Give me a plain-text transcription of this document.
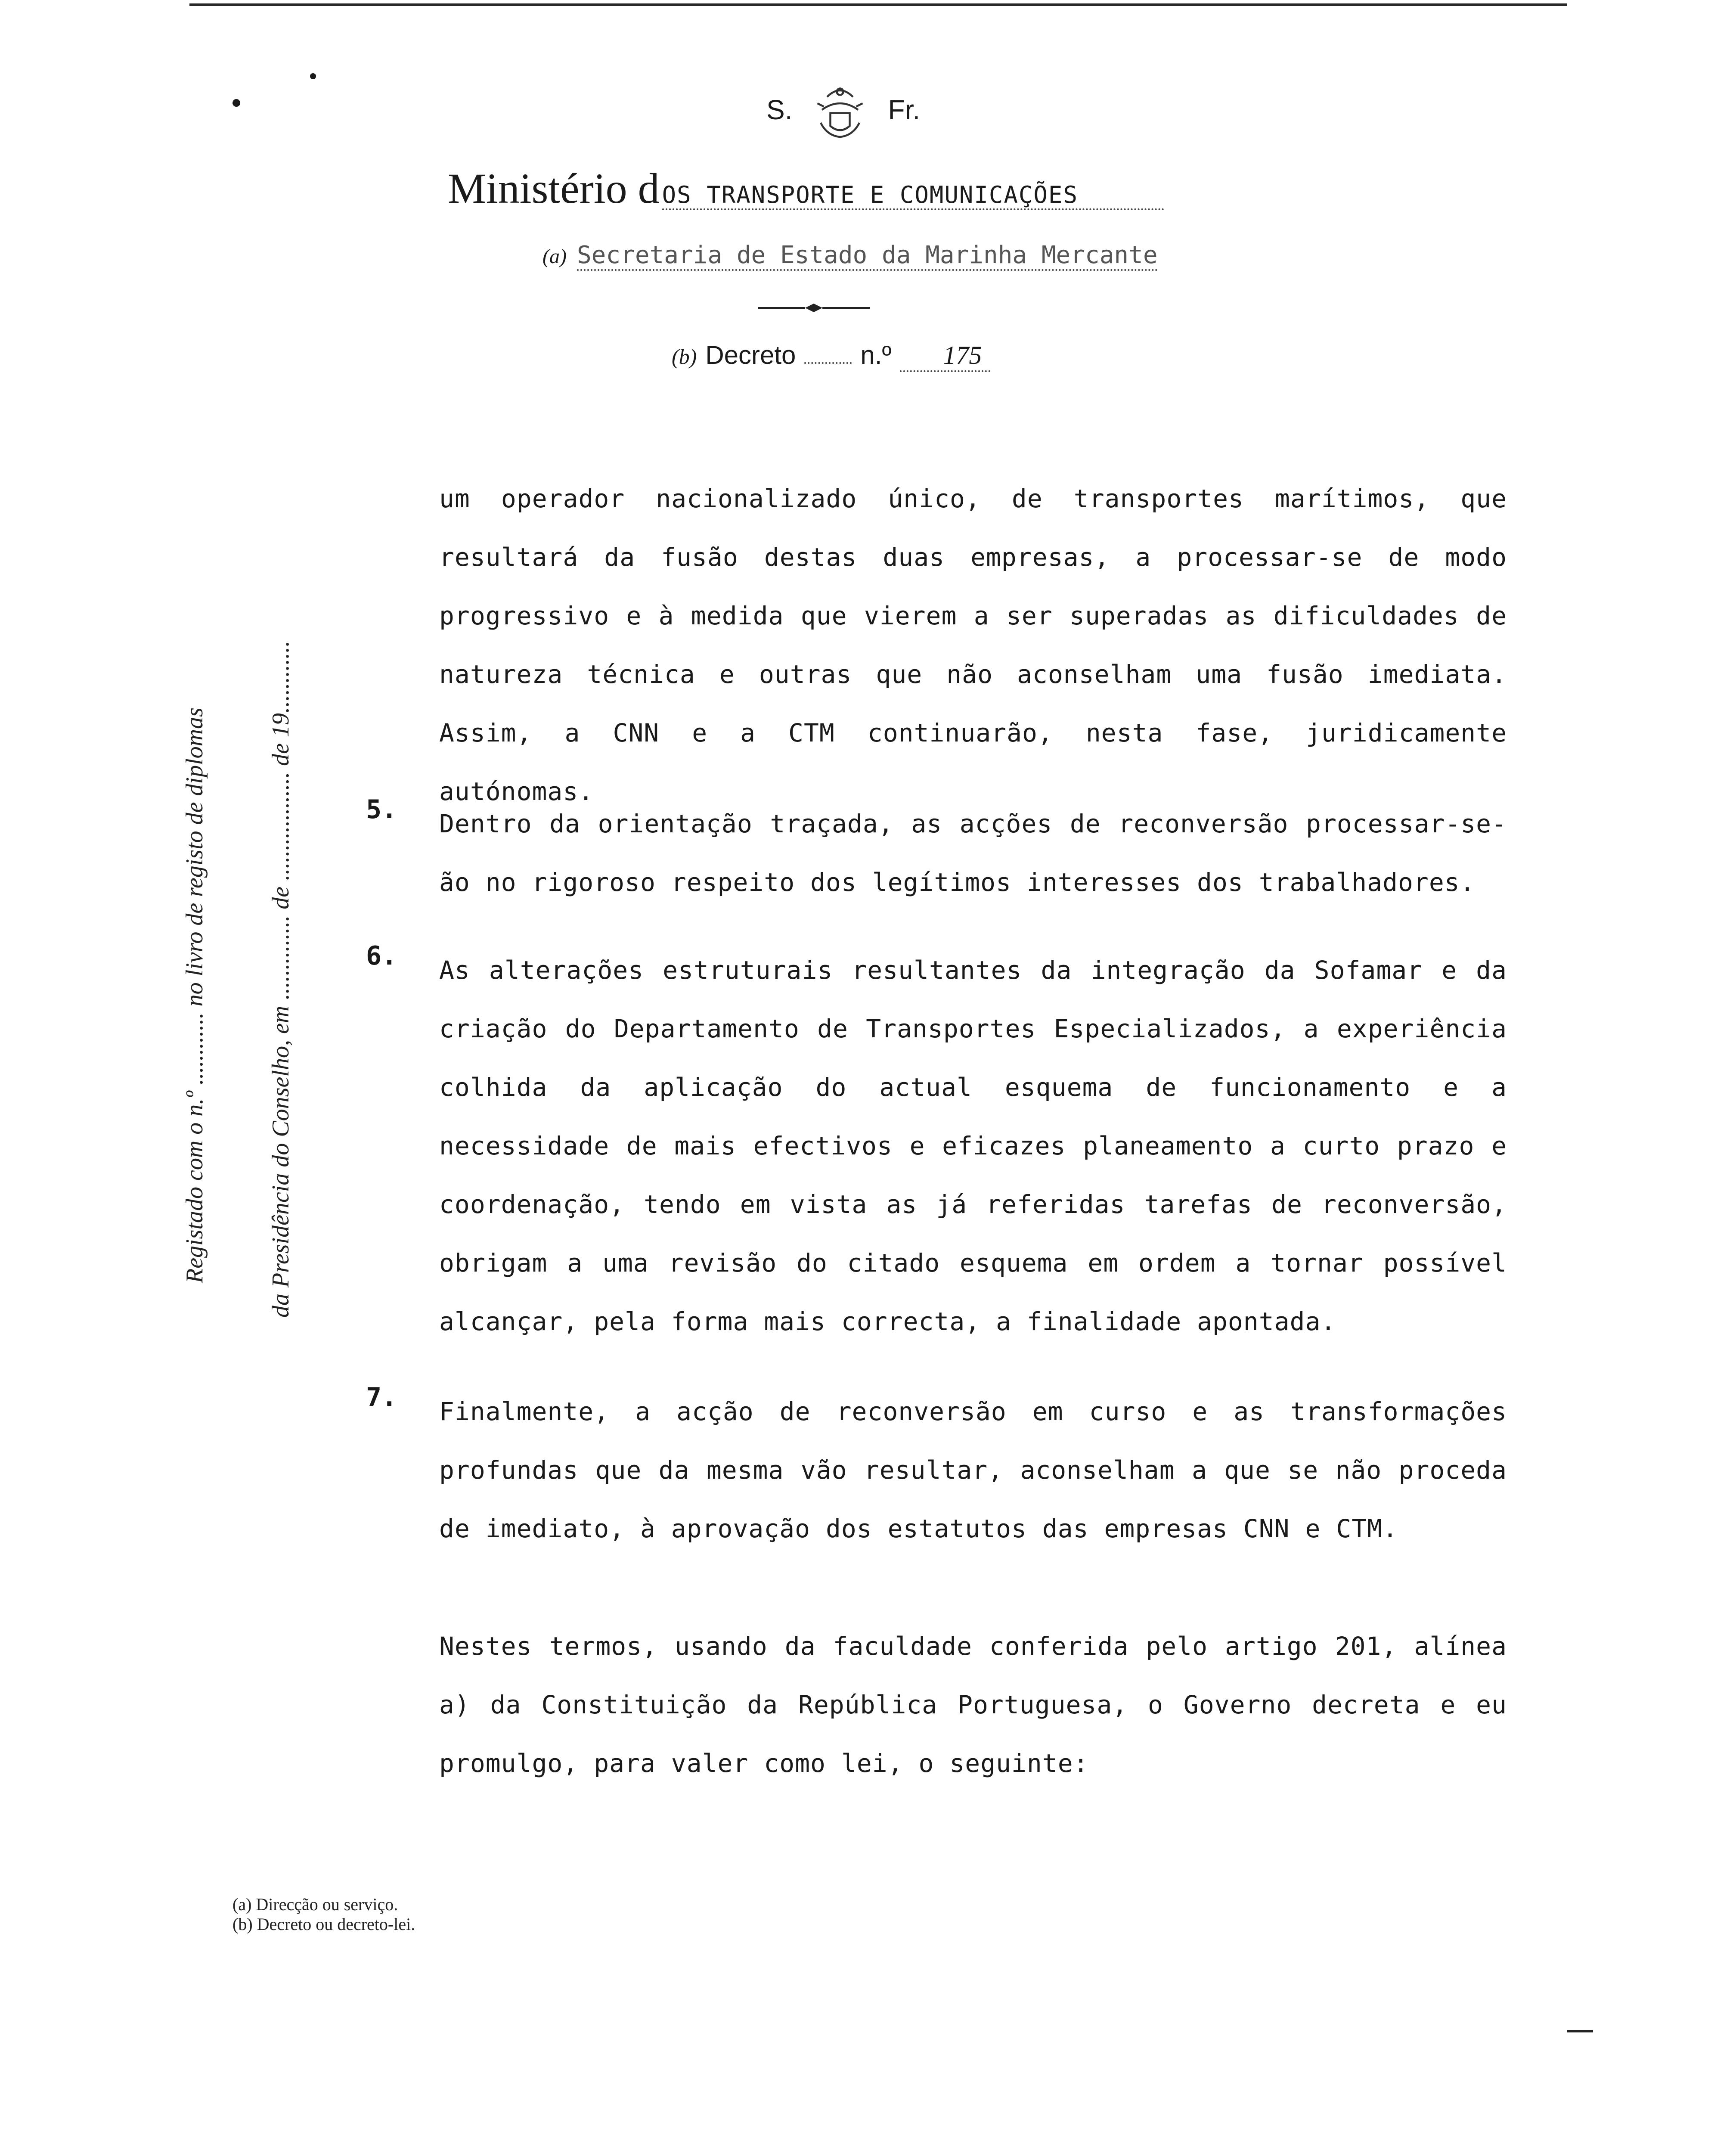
S.	Fr.
Ministério d OS TRANSPORTE E COMUNICAÇÕES
(a) Secretaria de Estado da Marinha Mercante
(b) Decreto	n.º	175
Registado com o n.º ............ no livro de registo de diplomas da Presidência do Conselho, em .............. de .................. de 19............
um operador nacionalizado único, de transportes marítimos, que resultará da fusão destas duas empresas, a processar-se de modo progressivo e à medida que vierem a ser superadas as dificuldades de natureza técnica e outras que não aconselham uma fusão imediata. Assim, a CNN e a CTM continuarão, nesta fase, juridicamente autónomas.
5. Dentro da orientação traçada, as acções de reconversão processar-se-ão no rigoroso respeito dos legítimos interesses dos trabalhadores.
6. As alterações estruturais resultantes da integração da Sofamar e da criação do Departamento de Transportes Especializados, a experiência colhida da aplicação do actual esquema de funcionamento e a necessidade de mais efectivos e eficazes planeamento a curto prazo e coordenação, tendo em vista as já referidas tarefas de reconversão, obrigam a uma revisão do citado esquema em ordem a tornar possível alcançar, pela forma mais correcta, a finalidade apontada.
7. Finalmente, a acção de reconversão em curso e as transformações profundas que da mesma vão resultar, aconselham a que se não proceda de imediato, à aprovação dos estatutos das empresas CNN e CTM.
Nestes termos, usando da faculdade conferida pelo artigo 201, alínea a) da Constituição da República Portuguesa, o Governo decreta e eu promulgo, para valer como lei, o seguinte:
(a) Direcção ou serviço.
(b) Decreto ou decreto-lei.
